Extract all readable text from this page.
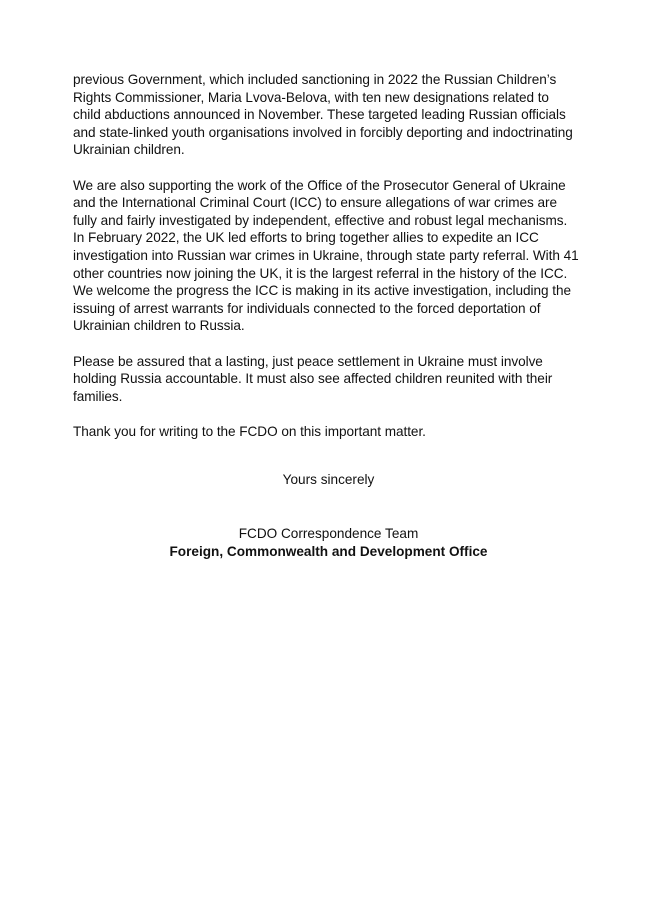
previous Government, which included sanctioning in 2022 the Russian Children’s
Rights Commissioner, Maria Lvova-Belova, with ten new designations related to
child abductions announced in November. These targeted leading Russian officials
and state-linked youth organisations involved in forcibly deporting and indoctrinating
Ukrainian children.

We are also supporting the work of the Office of the Prosecutor General of Ukraine
and the International Criminal Court (ICC) to ensure allegations of war crimes are
fully and fairly investigated by independent, effective and robust legal mechanisms.
In February 2022, the UK led efforts to bring together allies to expedite an ICC
investigation into Russian war crimes in Ukraine, through state party referral. With 41
other countries now joining the UK, it is the largest referral in the history of the ICC.
We welcome the progress the ICC is making in its active investigation, including the
issuing of arrest warrants for individuals connected to the forced deportation of
Ukrainian children to Russia.

Please be assured that a lasting, just peace settlement in Ukraine must involve
holding Russia accountable. It must also see affected children reunited with their
families.

Thank you for writing to the FCDO on this important matter.

Yours sincerely
FCDO Correspondence Team
Foreign, Commonwealth and Development Office
